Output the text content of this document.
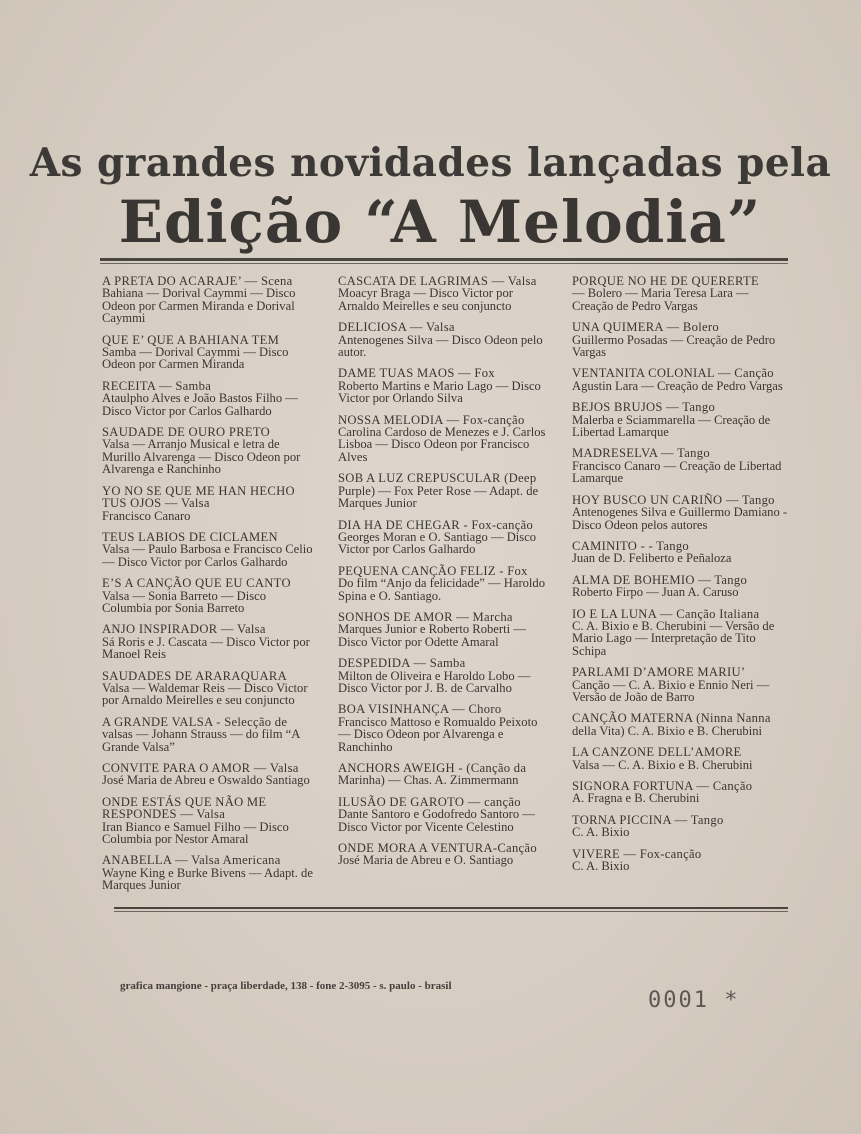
As grandes novidades lançadas pela
Edição “A Melodia”
A PRETA DO ACARAJE’ — Scena
Bahiana — Dorival Caymmi — Disco Odeon por Carmen Miranda e Dorival Caymmi
QUE E’ QUE A BAHIANA TEM
Samba — Dorival Caymmi — Disco Odeon por Carmen Miranda
RECEITA — Samba
Ataulpho Alves e João Bastos Filho — Disco Victor por Carlos Galhardo
SAUDADE DE OURO PRETO
Valsa — Arranjo Musical e letra de Murillo Alvarenga — Disco Odeon por Alvarenga e Ranchinho
YO NO SE QUE ME HAN HECHO TUS OJOS — Valsa
Francisco Canaro
TEUS LABIOS DE CICLAMEN
Valsa — Paulo Barbosa e Francisco Celio — Disco Victor por Carlos Galhardo
E’S A CANÇÃO QUE EU CANTO
Valsa — Sonia Barreto — Disco Columbia por Sonia Barreto
ANJO INSPIRADOR — Valsa
Sá Roris e J. Cascata — Disco Victor por Manoel Reis
SAUDADES DE ARARAQUARA
Valsa — Waldemar Reis — Disco Victor por Arnaldo Meirelles e seu conjuncto
A GRANDE VALSA - Selecção de
valsas — Johann Strauss — do film “A Grande Valsa”
CONVITE PARA O AMOR — Valsa
José Maria de Abreu e Oswaldo Santiago
ONDE ESTÁS QUE NÃO ME RESPONDES — Valsa
Iran Bianco e Samuel Filho — Disco Columbia por Nestor Amaral
ANABELLA — Valsa Americana
Wayne King e Burke Bivens — Adapt. de Marques Junior
CASCATA DE LAGRIMAS — Valsa
Moacyr Braga — Disco Victor por Arnaldo Meirelles e seu conjuncto
DELICIOSA — Valsa
Antenogenes Silva — Disco Odeon pelo autor.
DAME TUAS MAOS — Fox
Roberto Martins e Mario Lago — Disco Victor por Orlando Silva
NOSSA MELODIA — Fox-canção
Carolina Cardoso de Menezes e J. Carlos Lisboa — Disco Odeon por Francisco Alves
SOB A LUZ CREPUSCULAR (Deep
Purple) — Fox Peter Rose — Adapt. de Marques Junior
DIA HA DE CHEGAR - Fox-canção
Georges Moran e O. Santiago — Disco Victor por Carlos Galhardo
PEQUENA CANÇÃO FELIZ - Fox
Do film “Anjo da felicidade” — Haroldo Spina e O. Santiago.
SONHOS DE AMOR — Marcha
Marques Junior e Roberto Roberti — Disco Victor por Odette Amaral
DESPEDIDA — Samba
Milton de Oliveira e Haroldo Lobo — Disco Victor por J. B. de Carvalho
BOA VISINHANÇA — Choro
Francisco Mattoso e Romualdo Peixoto — Disco Odeon por Alvarenga e Ranchinho
ANCHORS AWEIGH - (Canção da
Marinha) — Chas. A. Zimmermann
ILUSÃO DE GAROTO — canção
Dante Santoro e Godofredo Santoro — Disco Victor por Vicente Celestino
ONDE MORA A VENTURA-Canção
José Maria de Abreu e O. Santiago
PORQUE NO HE DE QUERERTE
— Bolero — Maria Teresa Lara — Creação de Pedro Vargas
UNA QUIMERA — Bolero
Guillermo Posadas — Creação de Pedro Vargas
VENTANITA COLONIAL — Canção
Agustin Lara — Creação de Pedro Vargas
BEJOS BRUJOS — Tango
Malerba e Sciammarella — Creação de Libertad Lamarque
MADRESELVA — Tango
Francisco Canaro — Creação de Libertad Lamarque
HOY BUSCO UN CARIÑO — Tango
Antenogenes Silva e Guillermo Damiano - Disco Odeon pelos autores
CAMINITO - - Tango
Juan de D. Feliberto e Peñaloza
ALMA DE BOHEMIO — Tango
Roberto Firpo — Juan A. Caruso
IO E LA LUNA — Canção Italiana
C. A. Bixio e B. Cherubini — Versão de Mario Lago — Interpretação de Tito Schipa
PARLAMI D’AMORE MARIU’
Canção — C. A. Bixio e Ennio Neri — Versão de João de Barro
CANÇÃO MATERNA (Ninna Nanna
della Vita) C. A. Bixio e B. Cherubini
LA CANZONE DELL’AMORE
Valsa — C. A. Bixio e B. Cherubini
SIGNORA FORTUNA — Canção
A. Fragna e B. Cherubini
TORNA PICCINA — Tango
C. A. Bixio
VIVERE — Fox-canção
C. A. Bixio
grafica mangione - praça liberdade, 138 - fone 2-3095 - s. paulo - brasil
0001 *
